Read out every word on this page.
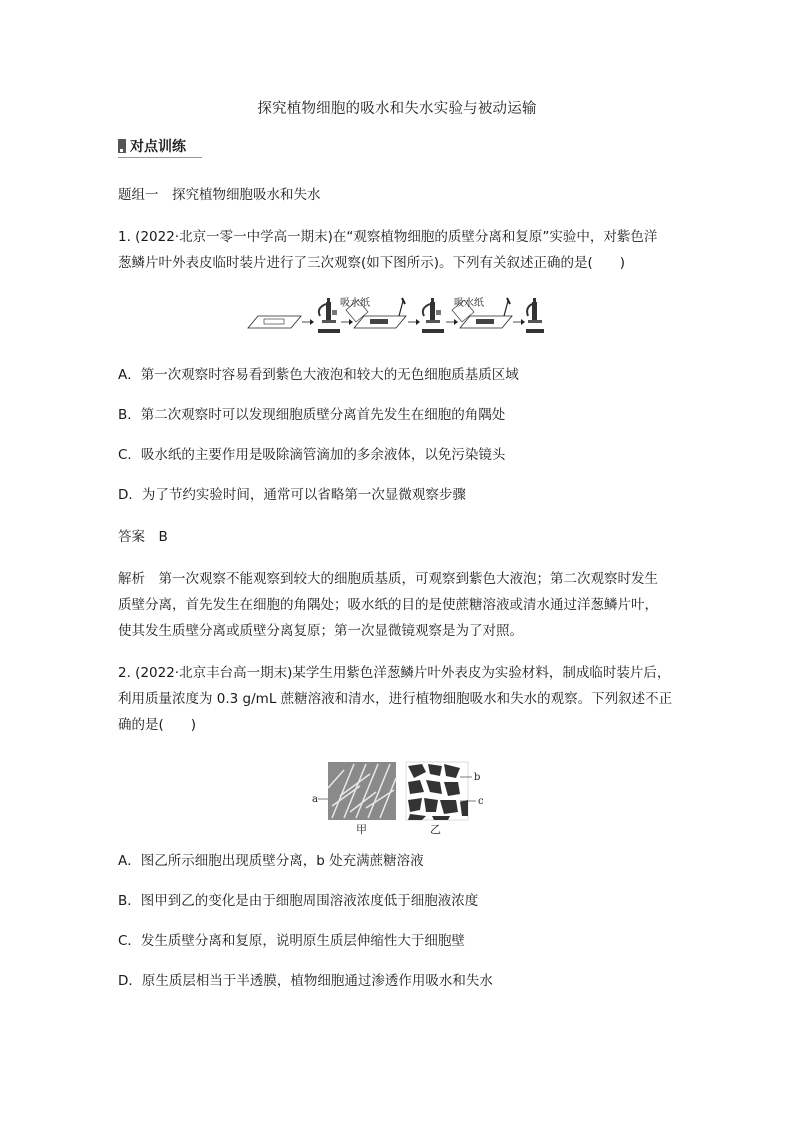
探究植物细胞的吸水和失水实验与被动运输
对点训练
题组一　探究植物细胞吸水和失水
1. (2022·北京一零一中学高一期末)在“观察植物细胞的质壁分离和复原”实验中，对紫色洋
葱鳞片叶外表皮临时装片进行了三次观察(如下图所示)。下列有关叙述正确的是(　　)
吸水纸	吸水纸
A．第一次观察时容易看到紫色大液泡和较大的无色细胞质基质区域
B．第二次观察时可以发现细胞质壁分离首先发生在细胞的角隅处
C．吸水纸的主要作用是吸除滴管滴加的多余液体，以免污染镜头
D．为了节约实验时间，通常可以省略第一次显微观察步骤
答案　B
解析　第一次观察不能观察到较大的细胞质基质，可观察到紫色大液泡；第二次观察时发生
质壁分离，首先发生在细胞的角隅处；吸水纸的目的是使蔗糖溶液或清水通过洋葱鳞片叶，
使其发生质壁分离或质壁分离复原；第一次显微镜观察是为了对照。
2. (2022·北京丰台高一期末)某学生用紫色洋葱鳞片叶外表皮为实验材料，制成临时装片后，
利用质量浓度为 0.3 g/mL 蔗糖溶液和清水，进行植物细胞吸水和失水的观察。下列叙述不正
确的是(　　)
a
甲
b
c
乙
A．图乙所示细胞出现质壁分离，b 处充满蔗糖溶液
B．图甲到乙的变化是由于细胞周围溶液浓度低于细胞液浓度
C．发生质壁分离和复原，说明原生质层伸缩性大于细胞壁
D．原生质层相当于半透膜，植物细胞通过渗透作用吸水和失水
